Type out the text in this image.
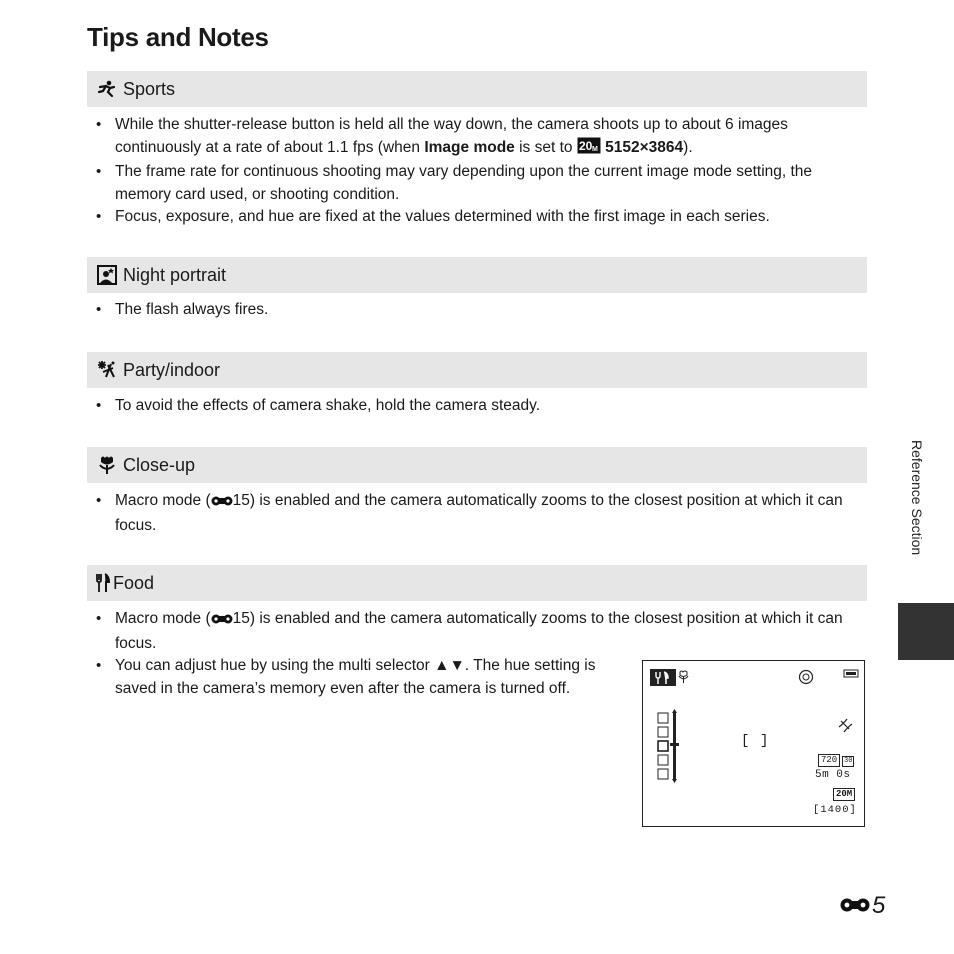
Tips and Notes
Sports
• While the shutter-release button is held all the way down, the camera shoots up to about 6 images continuously at a rate of about 1.1 fps (when Image mode is set to 20 M 5152×3864).
• The frame rate for continuous shooting may vary depending upon the current image mode setting, the memory card used, or shooting condition.
• Focus, exposure, and hue are fixed at the values determined with the first image in each series.
Night portrait
• The flash always fires.
Party/indoor
• To avoid the effects of camera shake, hold the camera steady.
Close-up
• Macro mode ( 15) is enabled and the camera automatically zooms to the closest position at which it can focus.
Food
• Macro mode ( 15) is enabled and the camera automatically zooms to the closest position at which it can focus.
• You can adjust hue by using the multi selector ▲▼. The hue setting is saved in the camera’s memory even after the camera is turned off.
[ ]
720 30
5m 0s
20M
[1400]
Reference Section
5
